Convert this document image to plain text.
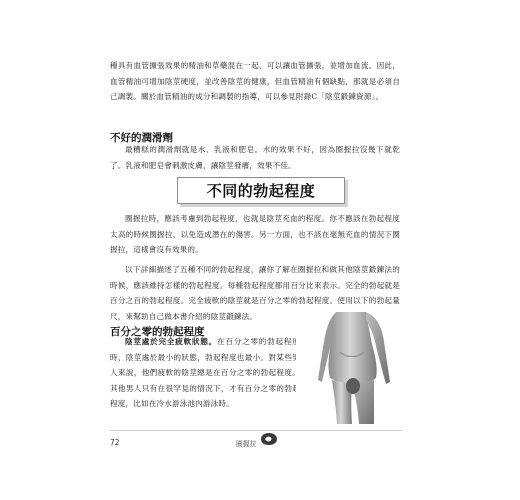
種具有血管擴張效果的精油和草藥混在一起，可以讓血管擴張，並增加血流。因此，血管精油可增加陰莖硬度，並改善陰莖的健康，但血管精油有個缺點，那就是必須自己調製。關於血管精油的成分和調製的指導，可以參見附錄C「陰莖鍛鍊資源」。

不好的潤滑劑

最糟糕的潤滑劑就是水、乳液和肥皂。水的效果不好，因為圈握拉沒幾下就乾了。乳液和肥皂會刺激皮膚，讓陰莖發癢，效果不佳。

不同的勃起程度

圈握拉時，應該考慮到勃起程度，也就是陰莖充血的程度。你不應該在勃起程度太高的時候圈握拉，以免造成潛在的傷害。另一方面，也不該在毫無充血的情況下圈握拉，這樣會沒有效果的。

以下詳細描述了五種不同的勃起程度，讓你了解在圈握拉和做其他陰莖鍛鍊法的時候，應該維持怎樣的勃起程度。每種勃起程度都用百分比來表示。完全的勃起就是百分之百的勃起程度。完全疲軟的陰莖就是百分之零的勃起程度。使用以下的勃起量尺，來幫助自己做本書介紹的陰莖鍛鍊法。

百分之零的勃起程度

陰莖處於完全疲軟狀態。在百分之零的勃起程度時，陰莖處於最小的狀態，勃起程度也最小。對某些男人來說，他們疲軟的陰莖總是在百分之零的勃起程度。其他男人只有在很罕見的情況下，才有百分之零的勃起程度，比如在冷水游泳池內游泳時。

72	圈握拉
